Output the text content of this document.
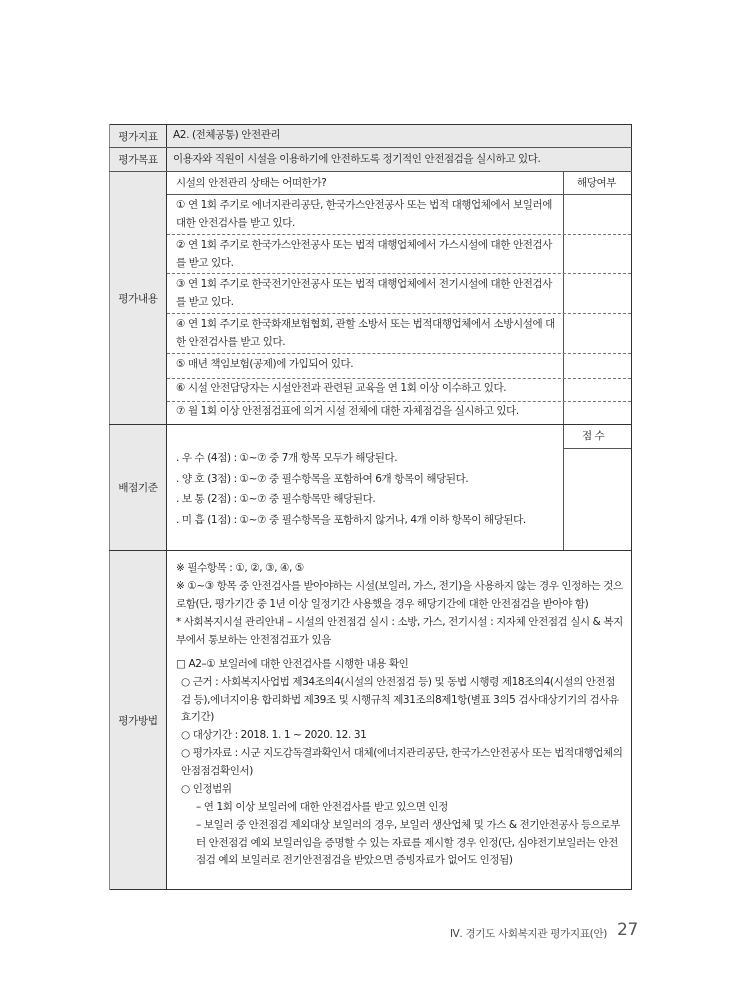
평가지표
평가목표
평가내용
배점기준
평가방법
A2. (전체공통) 안전관리
이용자와 직원이 시설을 이용하기에 안전하도록 정기적인 안전점검을 실시하고 있다.
시설의 안전관리 상태는 어떠한가?	해당여부
① 연 1회 주기로 에너지관리공단, 한국가스안전공사 또는 법적 대행업체에서 보일러에 대한 안전검사를 받고 있다.
② 연 1회 주기로 한국가스안전공사 또는 법적 대행업체에서 가스시설에 대한 안전검사를 받고 있다.
③ 연 1회 주기로 한국전기안전공사 또는 법적 대행업체에서 전기시설에 대한 안전검사를 받고 있다.
④ 연 1회 주기로 한국화재보험협회, 관할 소방서 또는 법적대행업체에서 소방시설에 대한 안전검사를 받고 있다.
⑤ 매년 책임보험(공제)에 가입되어 있다.
⑥ 시설 안전담당자는 시설안전과 관련된 교육을 연 1회 이상 이수하고 있다.
⑦ 월 1회 이상 안전점검표에 의거 시설 전체에 대한 자체점검을 실시하고 있다.
점 수
. 우 수 (4점) : ①~⑦ 중 7개 항목 모두가 해당된다.
. 양 호 (3점) : ①~⑦ 중 필수항목을 포함하여 6개 항목이 해당된다.
. 보 통 (2점) : ①~⑦ 중 필수항목만 해당된다.
. 미 흡 (1점) : ①~⑦ 중 필수항목을 포함하지 않거나, 4개 이하 항목이 해당된다.
※ 필수항목 : ①, ②, ③, ④, ⑤
※ ①~③ 항목 중 안전검사를 받아야하는 시설(보일러, 가스, 전기)을 사용하지 않는 경우 인정하는 것으로함(단, 평가기간 중 1년 이상 일정기간 사용했을 경우 해당기간에 대한 안전점검을 받아야 함)
* 사회복지시설 관리안내 – 시설의 안전점검 실시 : 소방, 가스, 전기시설 : 지자체 안전점검 실시 & 복지부에서 통보하는 안전점검표가 있음
□ A2–① 보일러에 대한 안전검사를 시행한 내용 확인
○ 근거 : 사회복지사업법 제34조의4(시설의 안전점검 등) 및 동법 시행령 제18조의4(시설의 안전점검 등),에너지이용 합리화법 제39조 및 시행규칙 제31조의8제1항(별표 3의5 검사대상기기의 검사유효기간)
○ 대상기간 : 2018. 1. 1 ~ 2020. 12. 31
○ 평가자료 : 시군 지도감독결과확인서 대체(에너지관리공단, 한국가스안전공사 또는 법적대행업체의 안점점검확인서)
○ 인정범위
– 연 1회 이상 보일러에 대한 안전검사를 받고 있으면 인정
– 보일러 중 안전점검 제외대상 보일러의 경우, 보일러 생산업체 및 가스 & 전기안전공사 등으로부터 안전점검 예외 보일러임을 증명할 수 있는 자료를 제시할 경우 인정(단, 심야전기보일러는 안전점검 예외 보일러로 전기안전점검을 받았으면 증빙자료가 없어도 인정됨)
Ⅳ. 경기도 사회복지관 평가지표(안) 27
